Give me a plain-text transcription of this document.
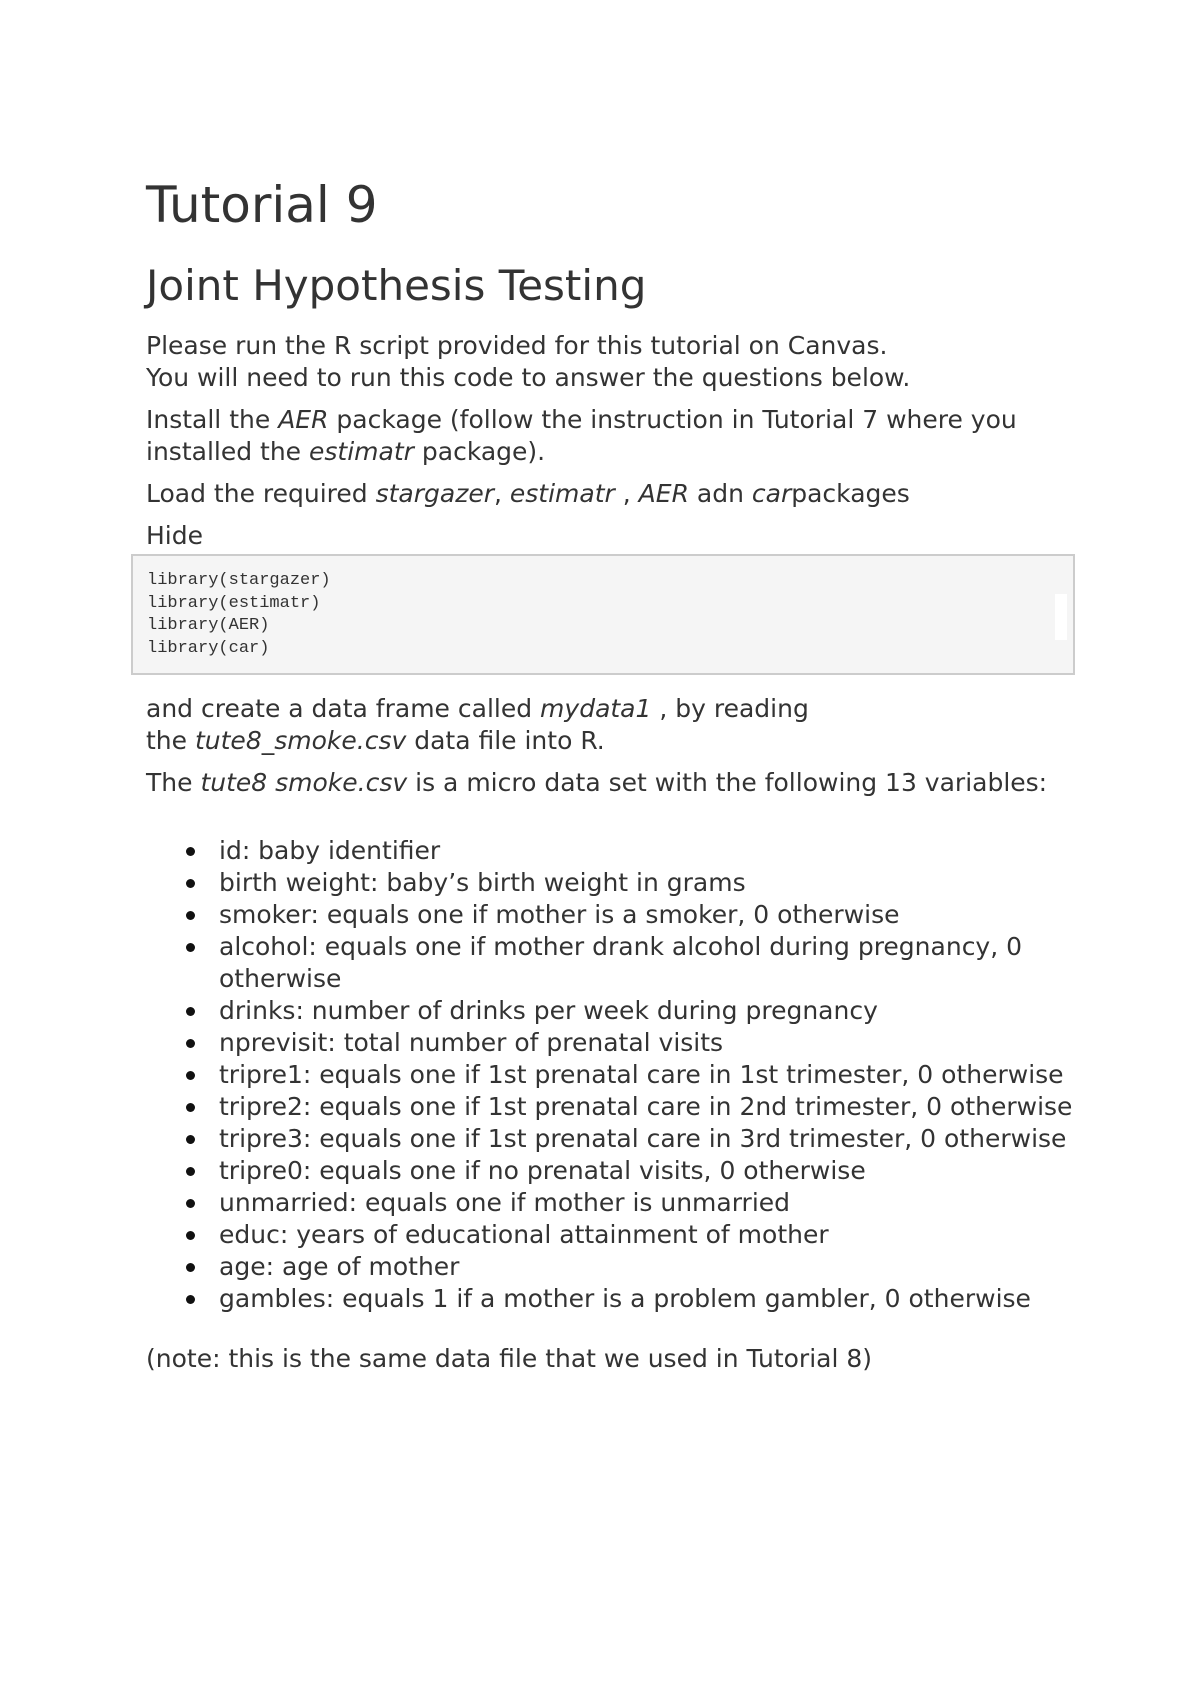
Tutorial 9
Joint Hypothesis Testing

Please run the R script provided for this tutorial on Canvas.
You will need to run this code to answer the questions below.

Install the AER package (follow the instruction in Tutorial 7 where you installed the estimatr package).

Load the required stargazer, estimatr , AER adn carpackages

Hide
library(stargazer)
library(estimatr)
library(AER)
library(car)

and create a data frame called mydata1 , by reading
the tute8_smoke.csv data file into R.

The tute8 smoke.csv is a micro data set with the following 13 variables:

id: baby identifier
birth weight: baby’s birth weight in grams
smoker: equals one if mother is a smoker, 0 otherwise
alcohol: equals one if mother drank alcohol during pregnancy, 0 otherwise
drinks: number of drinks per week during pregnancy
nprevisit: total number of prenatal visits
tripre1: equals one if 1st prenatal care in 1st trimester, 0 otherwise
tripre2: equals one if 1st prenatal care in 2nd trimester, 0 otherwise
tripre3: equals one if 1st prenatal care in 3rd trimester, 0 otherwise
tripre0: equals one if no prenatal visits, 0 otherwise
unmarried: equals one if mother is unmarried
educ: years of educational attainment of mother
age: age of mother
gambles: equals 1 if a mother is a problem gambler, 0 otherwise

(note: this is the same data file that we used in Tutorial 8)
